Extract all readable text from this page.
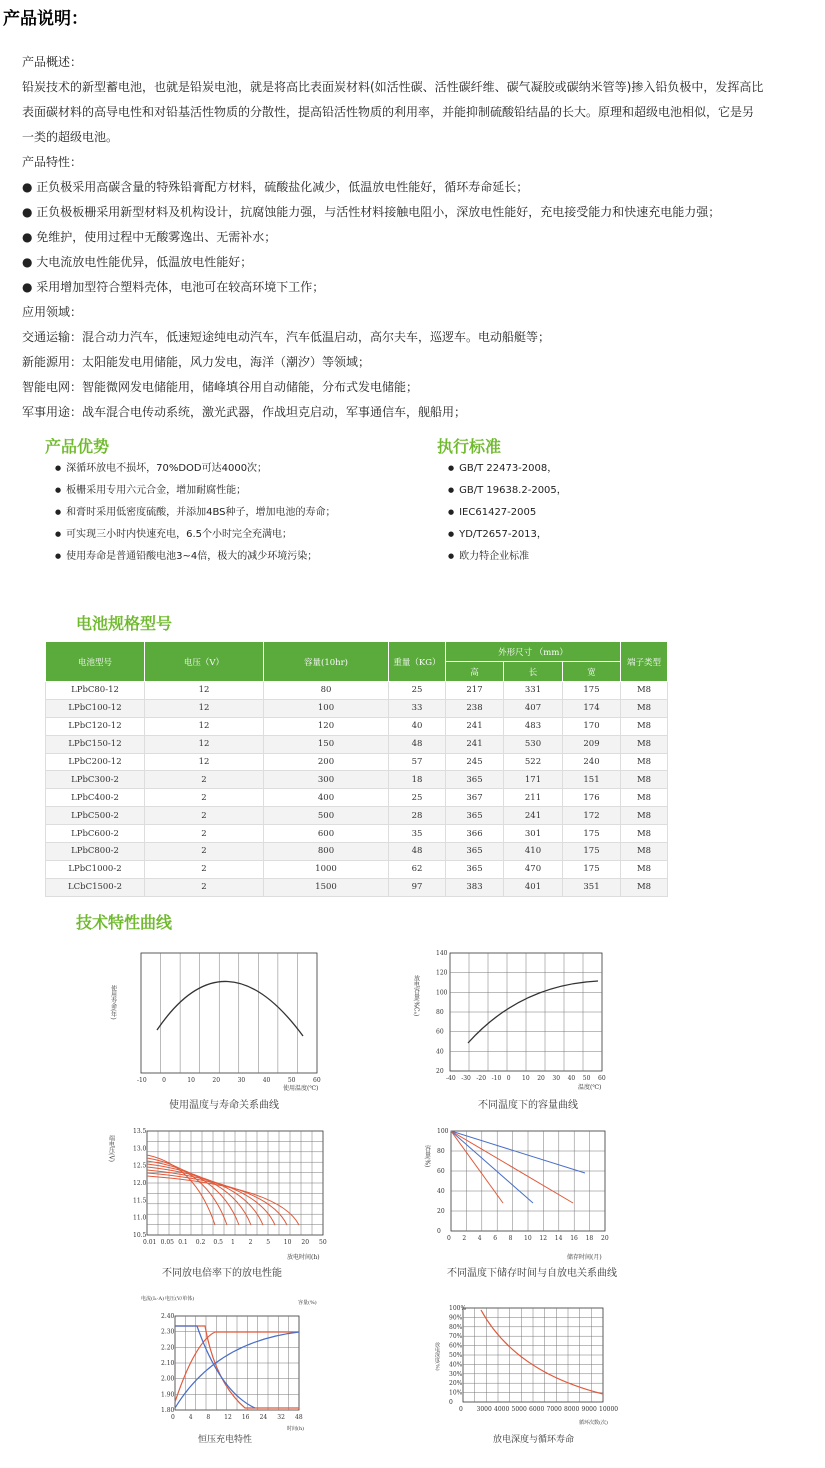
产品说明：

产品概述：

铅炭技术的新型蓄电池，也就是铅炭电池，就是将高比表面炭材料(如活性碳、活性碳纤维、碳气凝胶或碳纳米管等)掺入铅负极中，发挥高比

表面碳材料的高导电性和对铅基活性物质的分散性，提高铅活性物质的利用率，并能抑制硫酸铅结晶的长大。原理和超级电池相似，它是另

一类的超级电池。

产品特性：

● 正负极采用高碳含量的特殊铅膏配方材料，硫酸盐化减少，低温放电性能好，循环寿命延长；

● 正负极板栅采用新型材料及机构设计，抗腐蚀能力强，与活性材料接触电阻小，深放电性能好，充电接受能力和快速充电能力强；

● 免维护，使用过程中无酸雾逸出、无需补水；

● 大电流放电性能优异，低温放电性能好；

● 采用增加型符合塑料壳体，电池可在较高环境下工作；

应用领域：

交通运输：混合动力汽车，低速短途纯电动汽车，汽车低温启动，高尔夫车，巡逻车。电动船艇等；

新能源用：太阳能发电用储能，风力发电，海洋（潮汐）等领域；

智能电网：智能微网发电储能用，储峰填谷用自动储能，分布式发电储能；

军事用途：战车混合电传动系统，激光武器，作战坦克启动，军事通信车，舰船用；

产品优势
● 深循环放电不损坏，70%DOD可达4000次；
● 板栅采用专用六元合金，增加耐腐性能；
● 和膏时采用低密度硫酸，并添加4BS种子，增加电池的寿命；
● 可实现三小时内快速充电，6.5个小时完全充满电；
● 使用寿命是普通铅酸电池3~4倍，极大的减少环境污染；
执行标准
● GB/T 22473-2008，
● GB/T 19638.2-2005，
● IEC61427-2005
● YD/T2657-2013，
● 欧力特企业标准
电池规格型号
电池型号	电压（V）	容量(10hr)	重量（KG）	外形尺寸 （mm）			端子类型
				高	长	宽	
LPbC80-12	12	80	25	217	331	175	M8
LPbC100-12	12	100	33	238	407	174	M8
LPbC120-12	12	120	40	241	483	170	M8
LPbC150-12	12	150	48	241	530	209	M8
LPbC200-12	12	200	57	245	522	240	M8
LPbC300-2	2	300	18	365	171	151	M8
LPbC400-2	2	400	25	367	211	176	M8
LPbC500-2	2	500	28	365	241	172	M8
LPbC600-2	2	600	35	366	301	175	M8
LPbC800-2	2	800	48	365	410	175	M8
LPbC1000-2	2	1000	62	365	470	175	M8
LCbC1500-2	2	1500	97	383	401	351	M8
技术特性曲线
-10	0	10	20	30	40	50	60
使用寿命(年)
使用温度(℃)
使用温度与寿命关系曲线
-40 -30 -20 -10 0 10 20 30 40 50 60
20
40
60
80
100
120
140
放电容量(%Cₐ)
温度(℃)
不同温度下的容量曲线
0.01 0.05 0.1 0.2 0.5 1 2 5 10 20 50
10.5
11.0
11.5
12.0
12.5
13.0
13.5
端电压(V)
放电时间(h)
不同放电倍率下的放电性能
0 2 4 6 8 10 12 14 16 18 20
0
20
40
60
80
100
容量(%)
储存时间(月)
不同温度下储存时间与自放电关系曲线
0 4 8 12 16 24 32 48
1.80
1.90
2.00
2.10
2.20
2.30
2.40
电流(I₁·A) 电压(V/单体)
容量(%)
时间(h)
恒压充电特性
0 3000 4000 5000 6000 7000 8000 9000 10000
0
10%
20%
30%
40%
50%
60%
70%
80%
90%
100%
放电深度(%)
循环次数(次)
放电深度与循环寿命
